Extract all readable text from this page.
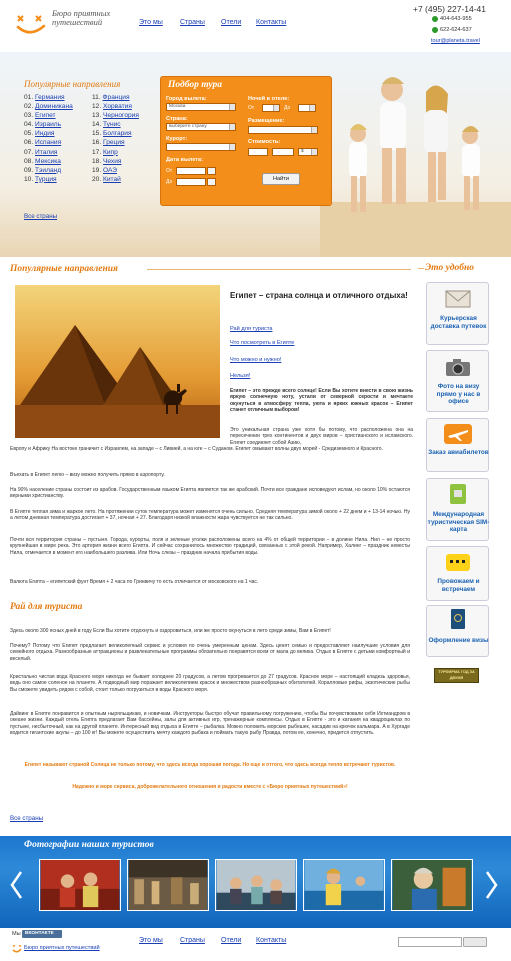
Бюро приятных путешествий	Это мы Страны Отели Контакты
+7 (495) 227-14-41
404-643-955
622-624-637
tour@planeta.travel
Популярные направления
01. Германия
02. Доминикана
03. Египет
04. Израиль
05. Индия
06. Испания
07. Италия
08. Мексика
09. Тэиланд
10. Турция
11. Франция
12. Хорватия
13. Черногория
14. Тунис
15. Болгария
16. Греция
17. Кипр
18. Чехия
19. ОАЭ
20. Китай
Все страны
Подбор тура
Город вылета:
Москва
Страна:
выберите страну
Курорт:
Дата вылета:
От
До
Ночей в отеле:
От	До
Размещение:
Стоимость:
$
Найти
Популярные направления
Египет – страна солнца и отличного отдыха!
Рай для туриста
Что посмотреть в Египте
Что можно и нужно!
Нельзя!
Египет – это прежде всего солнце! Если Вы хотите внести в свою жизнь яркую солнечную ноту, устали от северной серости и мечтаете окунуться в атмосферу тепла, уюта и ярких южных красок – Египет станет отличным выбором!
Это уникальная страна уже хотя бы потому, что расположена она на пересечении трех континентов и двух миров – христианского и исламского. Египет соединяет собой Азию,
Европу и Африку На востоке граничит с Израилем, на западе – с Ливией, а на юге – с Суданом. Египет омывают волны двух морей - Средиземного и Красного.
Въехать в Египет легко – визу можно получить прямо в аэропорту.
На 90% население страны состоит из арабов. Государственным языком Египта является так же арабский. Почти все граждане исповедуют ислам, но около 10% остаются верными христианству.
В Египте теплая зима и жаркое лето. На протяжении суток температура может изменятся очень сильно. Средняя температура зимой около + 22 днем и + 13-14 ночью. Ну а летом дневная температура достигает + 37, ночная + 27. Благодаря низкой влажности жара чувствуется не так сильно.
Почти вся территория страны – пустыня. Города, курорты, поля и зеленые уголки расположены всего на 4% от общей территории – в долине Нила. Нил – не просто крупнейшая в мире река. Это артерия жизни всего Египта. И сейчас сохранилось множество традиций, связанных с этой рекой. Например, Халинг – праздник невесты Нила, отмечается в момент его наибольшего разлива. Или Ночь слезы – праздник начала прибытия воды.
Валюта Египта – египетский фунт Время + 2 часа по Гринвичу то есть отличается от московского на 1 час.
Рай для туриста
Здесь около 300 ясных дней в году Если Вы хотите отдохнуть и оздоровиться, или же просто окунуться в лето среди зимы, Вам в Египет!
Почему? Потому что Египет предлагает великолепный сервис и условия по очень умеренным ценам. Здесь ценят семью и предоставляют наилучшие условия для семейного отдыха. Разнообразные аттракционы и развлекательные программы обязательно понравятся всем от мала до велика. Отдых в Египте с детьми комфортный и веселый.
Кристально чистая вода Красного моря никогда не бывает холоднее 20 градусов, а летом прогревается до 27 градусов. Красное море – настоящий кладезь здоровья, ведь оно самое соленое на планете. А подводный мир поражает великолепием красок и множеством разнообразных обитателей. Коралловые рифы, экзотические рыбы Вы сможете увидеть рядом с собой, стоит только погрузиться в воды Красного моря.
Дайвинг в Египте понравится и опытным ныряльщикам, и новичкам. Инструкторы быстро обучат правильному погружению, чтобы Вы почувствовали себя Ихтиандром в океане жизни. Каждый отель Египта предлагает Вам бассейны, залы для активных игр, тренажерные комплексы. Отдых в Египте - это и катания на квадроциклах по пустыне, несбыточный, как на другой планете. Интересный вид отдыха в Египте – рыбалка. Можно половить морских рыбешек, насадив на крючок кальмара. А в Хургаде водится гигантские акулы – до 100 кг! Вы можете осуществить мечту каждого рыбака и поймать такую рыбу Правда, потом ее, конечно, придется отпустить.
Египет называют страной Солнца не только потому, что здесь всегда хорошая погода. Но еще и оттого, что здесь всегда тепло встречают туристов.
Надежно и море сервиса, доброжелательного отношения и радости вместе с «Бюро приятных путешествий»!
Все страны
Это удобно
Курьерская доставка путевок
Фото на визу прямо у нас в офисе
Заказ авиабилетов
Международная туристическая SIM-карта
Провожаем и встречаем
Оформление визы
ТУРФИРМА ГОД ЗА ДВУМЯ
Фотографии наших туристов
Мы ВКОНТАКТЕ
Бюро приятных путешествий
Это мы Страны Отели Контакты
